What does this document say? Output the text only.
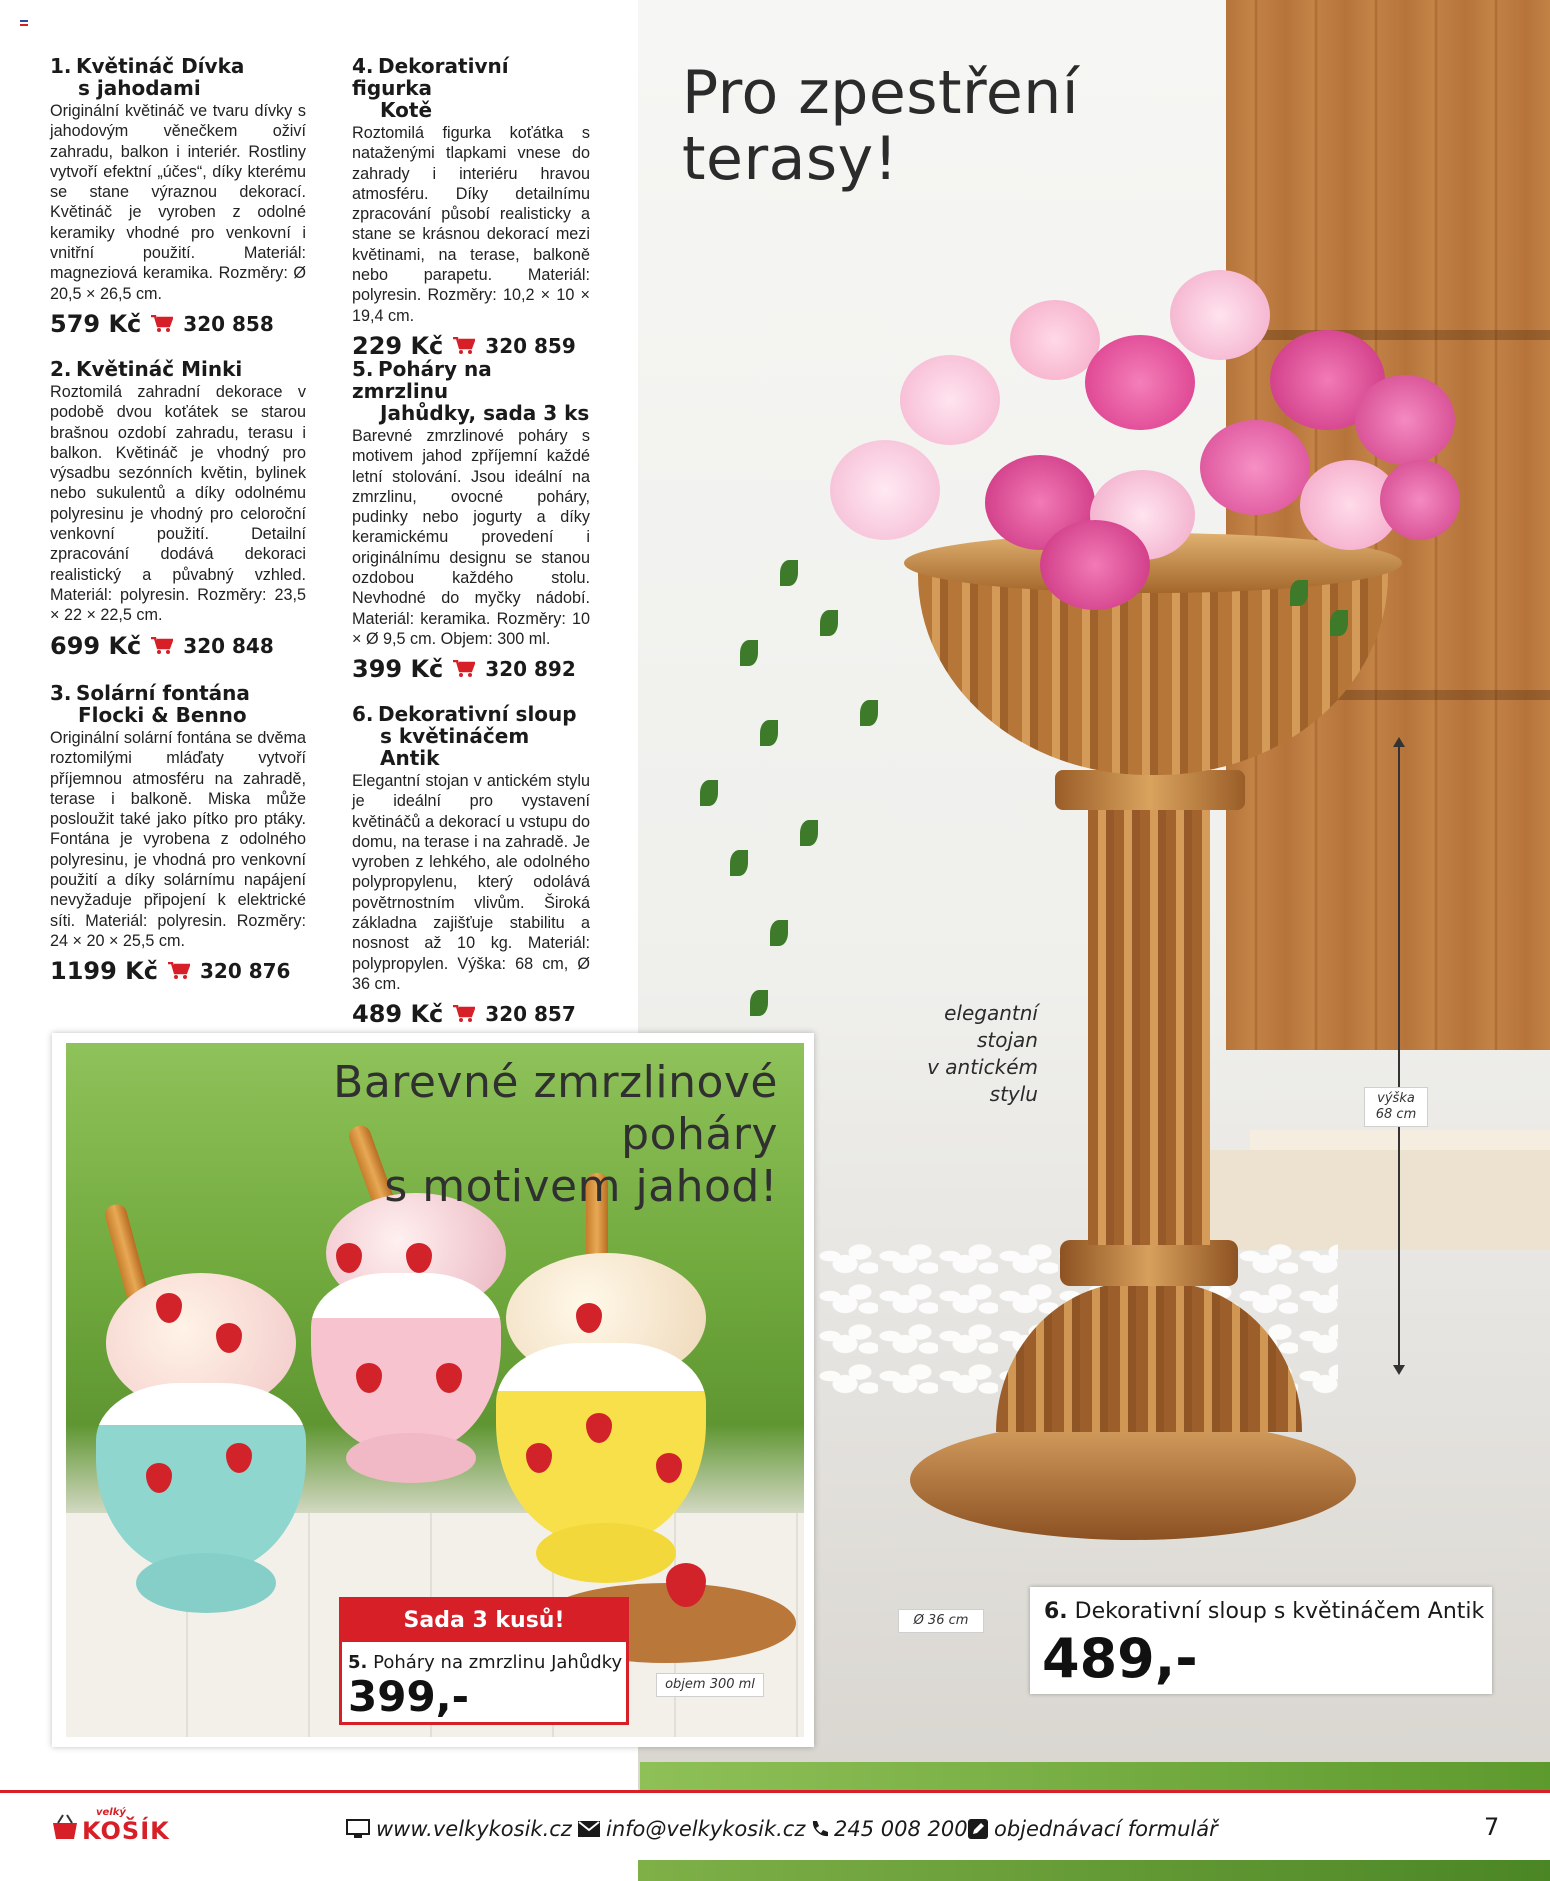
Pro zpestření
terasy!
elegantní
stojan
v antickém
stylu	výška
68 cm
Ø 36 cm	6. Dekorativní sloup s květináčem Antik
489,-
1. Květináč Dívka
s jahodami
Originální květináč ve tvaru dívky s jahodovým věnečkem oživí zahradu, balkon i interiér. Rostliny vytvoří efektní „účes“, díky kterému se stane výraznou dekorací. Květináč je vyroben z odolné keramiky vhodné pro venkovní i vnitřní použití. Materiál: magneziová keramika. Rozměry: Ø 20,5 × 26,5 cm.
579 Kč 320 858
2. Květináč Minki
Roztomilá zahradní dekorace v podobě dvou koťátek se starou brašnou ozdobí zahradu, terasu i balkon. Květináč je vhodný pro výsadbu sezónních květin, bylinek nebo sukulentů a díky odolnému polyresinu je vhodný pro celoroční venkovní použití. Detailní zpracování dodává dekoraci realistický a půvabný vzhled. Materiál: polyresin. Rozměry: 23,5 × 22 × 22,5 cm.
699 Kč 320 848
3. Solární fontána
Flocki & Benno
Originální solární fontána se dvěma roztomilými mláďaty vytvoří příjemnou atmosféru na zahradě, terase i balkoně. Miska může posloužit také jako pítko pro ptáky. Fontána je vyrobena z odolného polyresinu, je vhodná pro venkovní použití a díky solárnímu napájení nevyžaduje připojení k elektrické síti. Materiál: polyresin. Rozměry: 24 × 20 × 25,5 cm.
1199 Kč 320 876
4. Dekorativní figurka
Kotě
Roztomilá figurka koťátka s nataženými tlapkami vnese do zahrady i interiéru hravou atmosféru. Díky detailnímu zpracování působí realisticky a stane se krásnou dekorací mezi květinami, na terase, balkoně nebo parapetu. Materiál: polyresin. Rozměry: 10,2 × 10 × 19,4 cm.
229 Kč 320 859
5. Poháry na zmrzlinu
Jahůdky, sada 3 ks
Barevné zmrzlinové poháry s motivem jahod zpříjemní každé letní stolování. Jsou ideální na zmrzlinu, ovocné poháry, pudinky nebo jogurty a díky keramickému provedení i originálnímu designu se stanou ozdobou každého stolu. Nevhodné do myčky nádobí. Materiál: keramika. Rozměry: 10 × Ø 9,5 cm. Objem: 300 ml.
399 Kč 320 892
6. Dekorativní sloup
s květináčem Antik
Elegantní stojan v antickém stylu je ideální pro vystavení květináčů a dekorací u vstupu do domu, na terase i na zahradě. Je vyroben z lehkého, ale odolného polypropylenu, který odolává povětrnostním vlivům. Široká základna zajišťuje stabilitu a nosnost až 10 kg. Materiál: polypropylen. Výška: 68 cm, Ø 36 cm.
489 Kč 320 857
Barevné zmrzlinové poháry
s motivem jahod!
Sada 3 kusů!
5. Poháry na zmrzlinu Jahůdky
399,-	objem 300 ml
velký
KOŠÍK	www.velkykosik.cz info@velkykosik.cz 245 008 200 objednávací formulář	7
